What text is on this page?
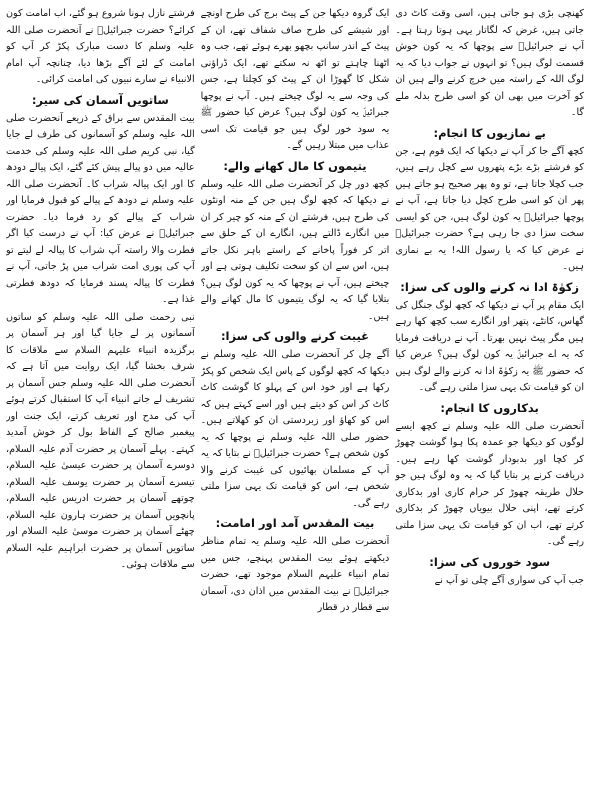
کھنچی بڑی ہو جاتی ہیں، اسی وقت کاٹ دی جاتی ہیں، غرض کہ لگاتار یہی ہوتا رہتا ہے۔ آپ نے جبرائیلؑ سے پوچھا کہ یہ کون خوش قسمت لوگ ہیں؟ تو انہوں نے جواب دیا کہ یہ لوگ اللہ کے راستہ میں خرچ کرنے والے ہیں ان کو آخرت میں بھی ان کو اسی طرح بدلہ ملے گا۔

بے نمازیوں کا انجام:

کچھ آگے جا کر آپ نے دیکھا کہ ایک قوم ہے، جن کو فرشتے بڑے بڑے پتھروں سے کچل رہے ہیں، جب کچلا جاتا ہے، تو وہ پھر صحیح ہو جاتے ہیں پھر ان کو اسی طرح کچل دیا جاتا ہے، آپ نے پوچھا جبرائیلؑ یہ کون لوگ ہیں، جن کو ایسی سخت سزا دی جا رہی ہے؟ حضرت جبرائیلؑ نے عرض کیا کہ یا رسول اللہ! یہ بے نمازی ہیں۔

زکوٰۃ ادا نہ کرنے والوں کی سزا:

ایک مقام پر آپ نے دیکھا کہ کچھ لوگ جنگل کی گھاس، کانٹے، پتھر اور انگارے سب کچھ کھا رہے ہیں مگر پیٹ نہیں بھرتا۔ آپ نے دریافت فرمایا کہ یہ اے جبرائیلؑ یہ کون لوگ ہیں؟ عرض کیا کہ حضور ﷺ یہ زکوٰۃ ادا نہ کرنے والے لوگ ہیں ان کو قیامت تک یہی سزا ملتی رہے گی۔

بدکاروں کا انجام:

آنحضرت صلی اللہ علیہ وسلم نے کچھ ایسے لوگوں کو دیکھا جو عمدہ پکا ہوا گوشت چھوڑ کر کچا اور بدبودار گوشت کھا رہے ہیں۔ دریافت کرنے پر بتایا گیا کہ یہ وہ لوگ ہیں جو حلال طریقہ چھوڑ کر حرام کاری اور بدکاری کرتے تھے، اپنی حلال بیویاں چھوڑ کر بدکاری کرتے تھے، اب ان کو قیامت تک یہی سزا ملتی رہے گی۔

سود خوروں کی سزا:

جب آپ کی سواری آگے چلی تو آپ نے

ایک گروہ دیکھا جن کے پیٹ برج کی طرح اونچے اور شیشے کی طرح صاف شفاف تھے، ان کے پیٹ کے اندر سانپ بچھو بھرے ہوئے تھے، جب وہ اٹھنا چاہتے تو اٹھ نہ سکتے تھے، ایک ڈراؤنی شکل کا گھوڑا ان کے پیٹ کو کچلتا ہے، جس کی وجہ سے یہ لوگ چیختے ہیں۔ آپ نے پوچھا جبرائیلؑ یہ کون لوگ ہیں؟ عرض کیا حضور ﷺ یہ سود خور لوگ ہیں جو قیامت تک اسی عذاب میں مبتلا رہیں گے۔

یتیموں کا مال کھانے والے:

کچھ دور چل کر آنحضرت صلی اللہ علیہ وسلم نے دیکھا کہ کچھ لوگ ہیں جن کے منہ اونٹوں کی طرح ہیں، فرشتے ان کے منہ کو چیر کر ان میں انگارے ڈالتے ہیں، انگارے ان کے حلق سے اتر کر فوراً پاخانے کے راستے باہر نکل جاتے ہیں، اس سے ان کو سخت تکلیف ہوتی ہے اور چیختے ہیں، آپ نے پوچھا کہ یہ کون لوگ ہیں؟ بتلایا گیا کہ یہ لوگ یتیموں کا مال کھانے والے ہیں۔

غیبت کرنے والوں کی سزا:

آگے چل کر آنحضرت صلی اللہ علیہ وسلم نے دیکھا کہ کچھ لوگوں کے پاس ایک شخص کو پکڑ رکھا ہے اور خود اس کے پہلو کا گوشت کاٹ کاٹ کر اس کو دیتے ہیں اور اسے کہتے ہیں کہ اس کو کھاؤ اور زبردستی ان کو کھلاتے ہیں۔ حضور صلی اللہ علیہ وسلم نے پوچھا کہ یہ کون شخص ہے؟ حضرت جبرائیلؑ نے بتایا کہ یہ آپ کے مسلمان بھائیوں کی غیبت کرنے والا شخص ہے، اس کو قیامت تک یہی سزا ملتی رہے گی۔

بیت المقدس آمد اور امامت:

آنحضرت صلی اللہ علیہ وسلم یہ تمام مناظر دیکھتے ہوئے بیت المقدس پہنچے، جس میں تمام انبیاء علیہم السلام موجود تھے، حضرت جبرائیلؑ نے بیت المقدس میں اذان دی، آسمان سے قطار در قطار

فرشتے نازل ہونا شروع ہو گئے، اب امامت کون کرائے؟ حضرت جبرائیلؑ نے آنحضرت صلی اللہ علیہ وسلم کا دست مبارک پکڑ کر آپ کو امامت کے لئے آگے بڑھا دیا، چنانچہ آپ امام الانبیاء نے سارے نبیوں کی امامت کرائی۔

ساتویں آسمان کی سیر:

بیت المقدس سے براق کے ذریعے آنحضرت صلی اللہ علیہ وسلم کو آسمانوں کی طرف لے جایا گیا، نبی کریم صلی اللہ علیہ وسلم کی خدمت عالیہ میں دو پیالے پیش کئے گئے، ایک پیالے دودھ کا اور ایک پیالہ شراب کا۔ آنحضرت صلی اللہ علیہ وسلم نے دودھ کے پیالے کو قبول فرمایا اور شراب کے پیالے کو رد فرما دیا۔ حضرت جبرائیلؑ نے عرض کیا: آپ نے درست کیا اگر فطرت والا راستہ آپ شراب کا پیالہ لے لیتے تو آپ کی پوری امت شراب میں پڑ جاتی، آپ نے فطرت کا پیالہ پسند فرمایا کہ دودھ فطرتی غذا ہے۔

نبی رحمت صلی اللہ علیہ وسلم کو ساتوں آسمانوں پر لے جایا گیا اور ہر آسمان پر برگزیدہ انبیاء علیہم السلام سے ملاقات کا شرف بخشا گیا، ایک روایت میں آتا ہے کہ آنحضرت صلی اللہ علیہ وسلم جس آسمان پر تشریف لے جاتے انبیاء آپ کا استقبال کرتے ہوئے آپ کی مدح اور تعریف کرتے، ایک جنت اور پیغمبر صالح کے الفاظ بول کر خوش آمدید کہتے۔ پہلے آسمان پر حضرت آدم علیہ السلام، دوسرے آسمان پر حضرت عیسیٰ علیہ السلام، تیسرے آسمان پر حضرت یوسف علیہ السلام، چوتھے آسمان پر حضرت ادریس علیہ السلام، پانچویں آسمان پر حضرت ہارون علیہ السلام، چھٹے آسمان پر حضرت موسیٰ علیہ السلام اور ساتویں آسمان پر حضرت ابراہیم علیہ السلام سے ملاقات ہوئی۔
